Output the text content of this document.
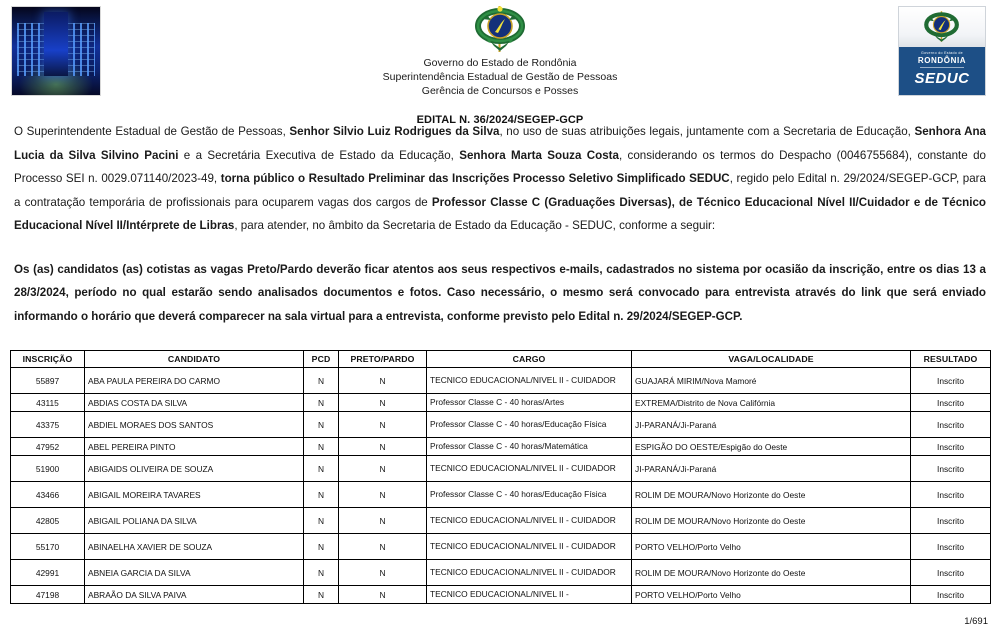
Governo do Estado de Rondônia
Superintendência Estadual de Gestão de Pessoas
Gerência de Concursos e Posses
EDITAL N. 36/2024/SEGEP-GCP
Governo do Estado de
RONDÔNIA
SEDUC

O Superintendente Estadual de Gestão de Pessoas, Senhor Silvio Luiz Rodrigues da Silva, no uso de suas atribuições legais, juntamente com a Secretaria de Educação, Senhora Ana Lucia da Silva Silvino Pacini e a Secretária Executiva de Estado da Educação, Senhora Marta Souza Costa, considerando os termos do Despacho (0046755684), constante do Processo SEI n. 0029.071140/2023-49, torna público o Resultado Preliminar das Inscrições Processo Seletivo Simplificado SEDUC, regido pelo Edital n. 29/2024/SEGEP-GCP, para a contratação temporária de profissionais para ocuparem vagas dos cargos de Professor Classe C (Graduações Diversas), de Técnico Educacional Nível II/Cuidador e de Técnico Educacional Nível II/Intérprete de Libras, para atender, no âmbito da Secretaria de Estado da Educação - SEDUC, conforme a seguir:

Os (as) candidatos (as) cotistas as vagas Preto/Pardo deverão ficar atentos aos seus respectivos e-mails, cadastrados no sistema por ocasião da inscrição, entre os dias 13 a 28/3/2024, período no qual estarão sendo analisados documentos e fotos. Caso necessário, o mesmo será convocado para entrevista através do link que será enviado informando o horário que deverá comparecer na sala virtual para a entrevista, conforme previsto pelo Edital n. 29/2024/SEGEP-GCP.

INSCRIÇÃO	CANDIDATO	PCD	PRETO/PARDO	CARGO	VAGA/LOCALIDADE	RESULTADO
55897	ABA PAULA PEREIRA DO CARMO	N	N	TECNICO EDUCACIONAL/NIVEL II - CUIDADOR	GUAJARÁ MIRIM/Nova Mamoré	Inscrito
43115	ABDIAS COSTA DA SILVA	N	N	Professor Classe C - 40 horas/Artes	EXTREMA/Distrito de Nova Califórnia	Inscrito
43375	ABDIEL MORAES DOS SANTOS	N	N	Professor Classe C - 40 horas/Educação Física	JI-PARANÁ/Ji-Paraná	Inscrito
47952	ABEL PEREIRA PINTO	N	N	Professor Classe C - 40 horas/Matemática	ESPIGÃO DO OESTE/Espigão do Oeste	Inscrito
51900	ABIGAIDS OLIVEIRA DE SOUZA	N	N	TECNICO EDUCACIONAL/NIVEL II - CUIDADOR	JI-PARANÁ/Ji-Paraná	Inscrito
43466	ABIGAIL MOREIRA TAVARES	N	N	Professor Classe C - 40 horas/Educação Física	ROLIM DE MOURA/Novo Horizonte do Oeste	Inscrito
42805	ABIGAIL POLIANA DA SILVA	N	N	TECNICO EDUCACIONAL/NIVEL II - CUIDADOR	ROLIM DE MOURA/Novo Horizonte do Oeste	Inscrito
55170	ABINAELHA XAVIER DE SOUZA	N	N	TECNICO EDUCACIONAL/NIVEL II - CUIDADOR	PORTO VELHO/Porto Velho	Inscrito
42991	ABNEIA GARCIA DA SILVA	N	N	TECNICO EDUCACIONAL/NIVEL II - CUIDADOR	ROLIM DE MOURA/Novo Horizonte do Oeste	Inscrito
47198	ABRAÃO DA SILVA PAIVA	N	N	TECNICO EDUCACIONAL/NIVEL II -	PORTO VELHO/Porto Velho	Inscrito
1/691
